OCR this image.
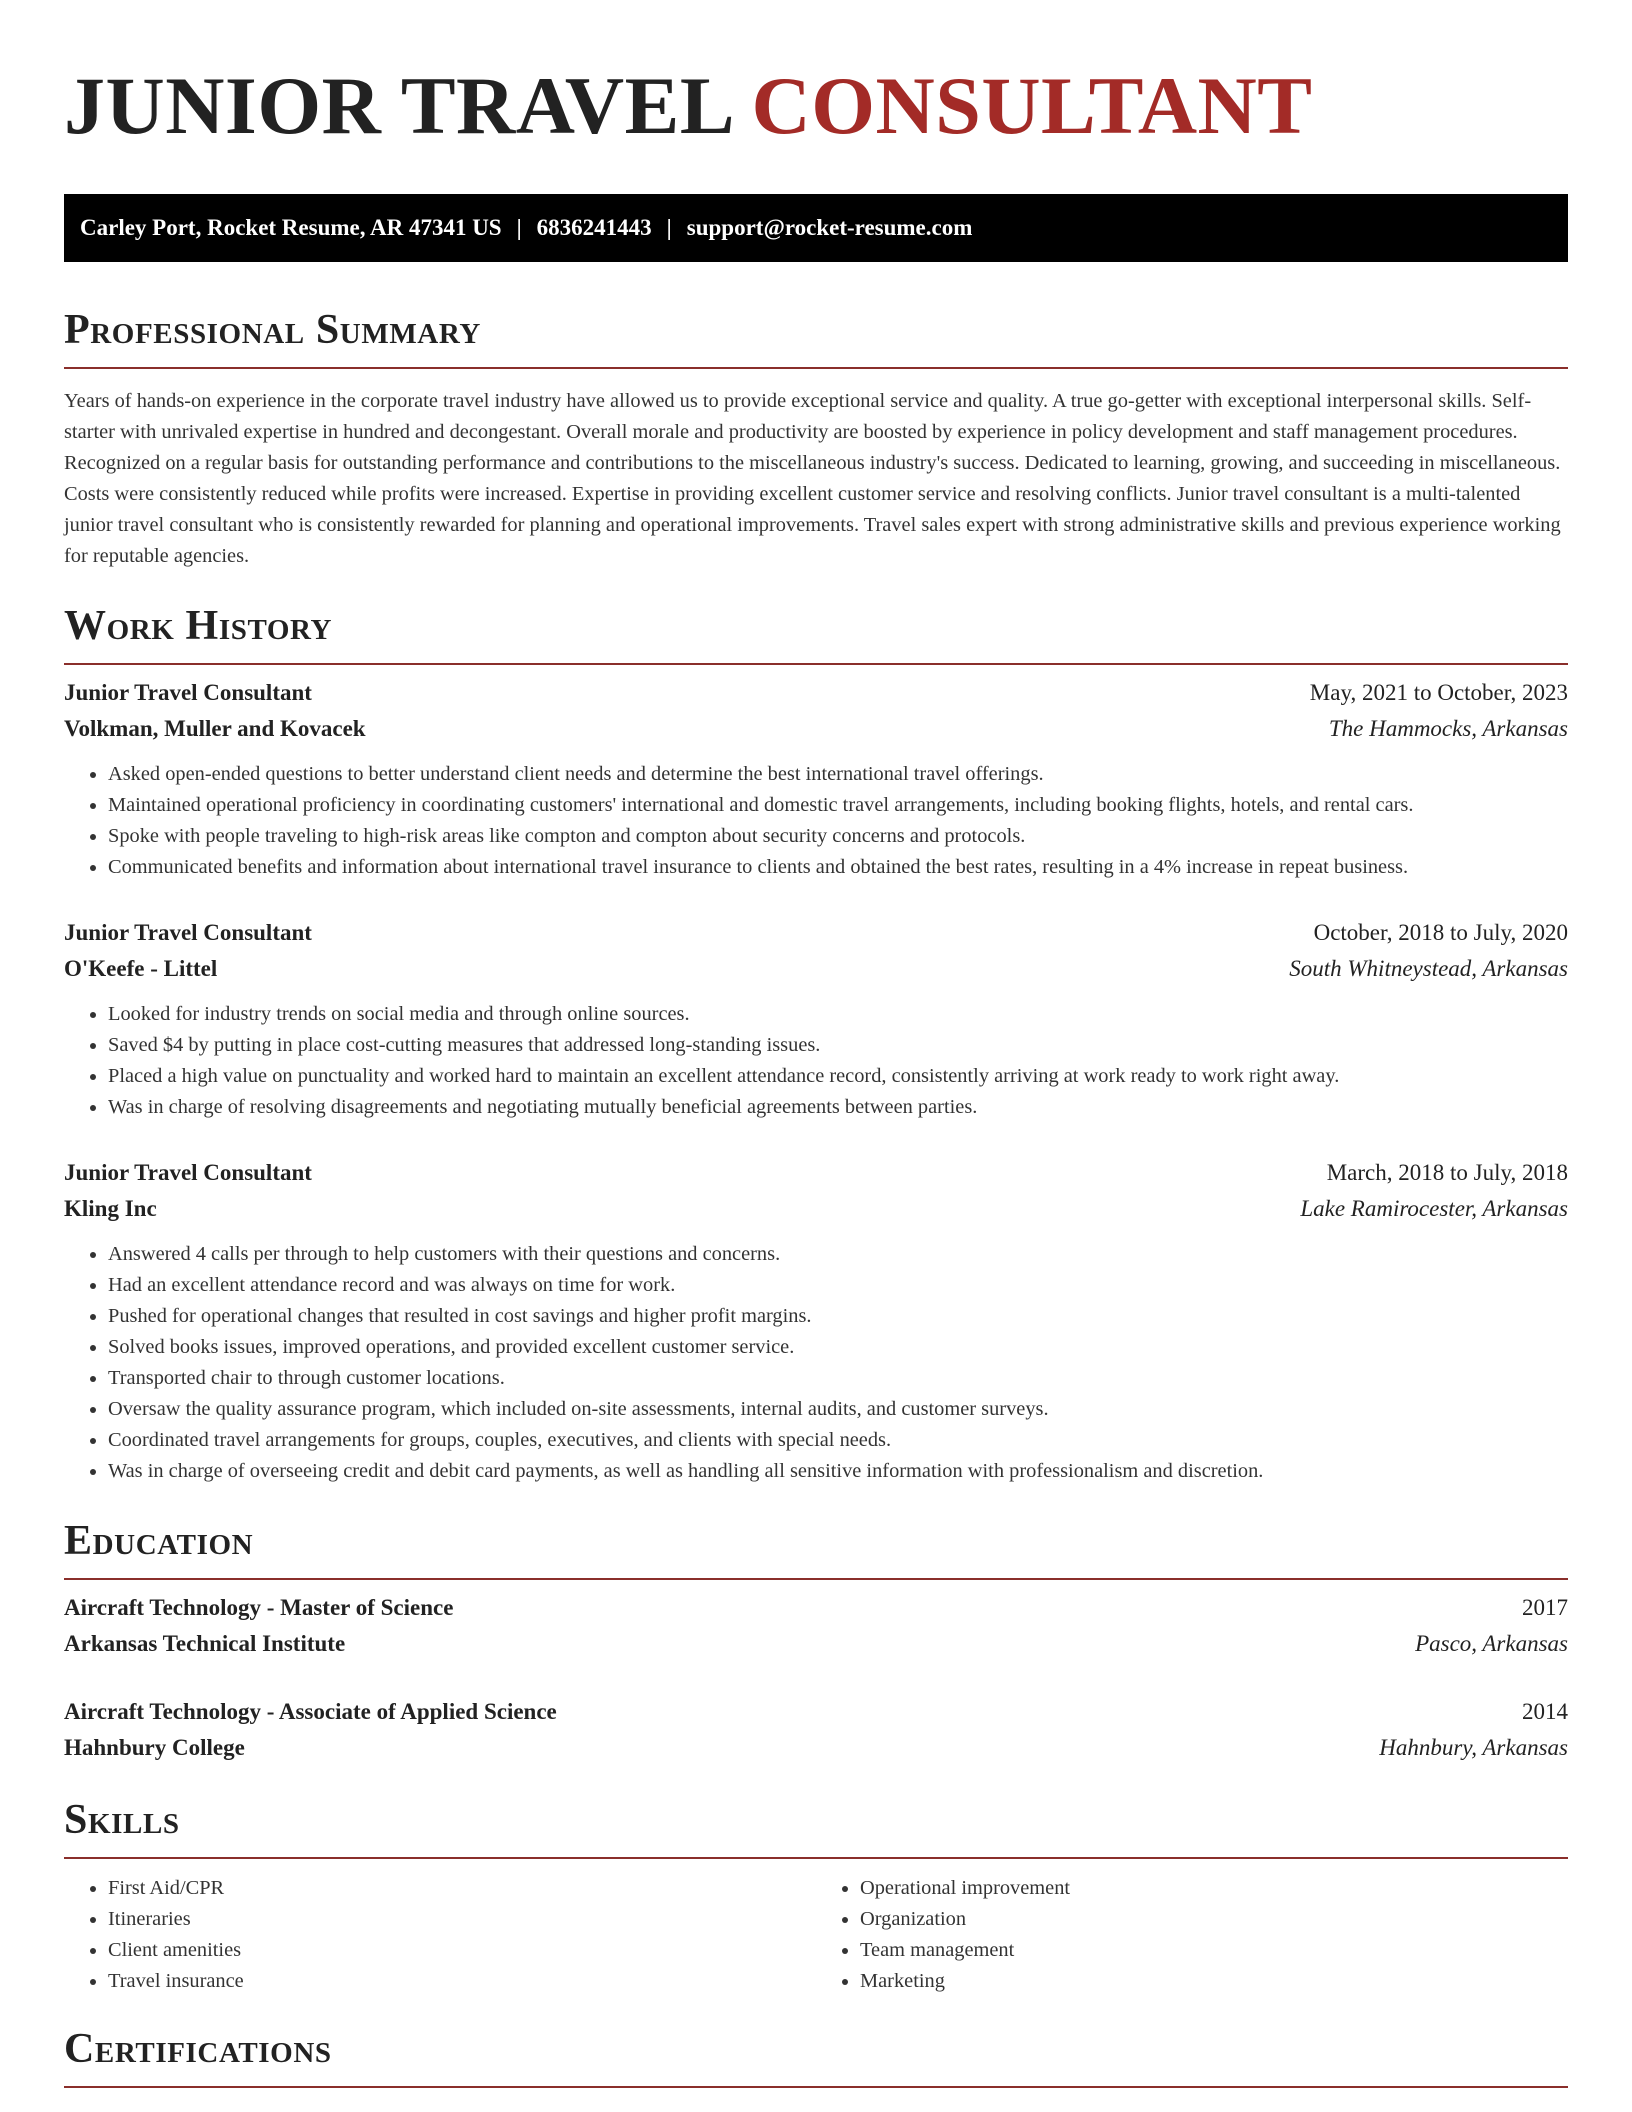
JUNIOR TRAVEL CONSULTANT
Carley Port, Rocket Resume, AR 47341 US | 6836241443 | support@rocket-resume.com
Professional Summary

Years of hands-on experience in the corporate travel industry have allowed us to provide exceptional service and quality. A true go-getter with exceptional interpersonal skills. Self-starter with unrivaled expertise in hundred and decongestant. Overall morale and productivity are boosted by experience in policy development and staff management procedures. Recognized on a regular basis for outstanding performance and contributions to the miscellaneous industry's success. Dedicated to learning, growing, and succeeding in miscellaneous. Costs were consistently reduced while profits were increased. Expertise in providing excellent customer service and resolving conflicts. Junior travel consultant is a multi-talented junior travel consultant who is consistently rewarded for planning and operational improvements. Travel sales expert with strong administrative skills and previous experience working for reputable agencies.

Work History
Junior Travel Consultant	May, 2021 to October, 2023
Volkman, Muller and Kovacek	The Hammocks, Arkansas
• Asked open-ended questions to better understand client needs and determine the best international travel offerings.
• Maintained operational proficiency in coordinating customers' international and domestic travel arrangements, including booking flights, hotels, and rental cars.
• Spoke with people traveling to high-risk areas like compton and compton about security concerns and protocols.
• Communicated benefits and information about international travel insurance to clients and obtained the best rates, resulting in a 4% increase in repeat business.
Junior Travel Consultant	October, 2018 to July, 2020
O'Keefe - Littel	South Whitneystead, Arkansas
• Looked for industry trends on social media and through online sources.
• Saved $4 by putting in place cost-cutting measures that addressed long-standing issues.
• Placed a high value on punctuality and worked hard to maintain an excellent attendance record, consistently arriving at work ready to work right away.
• Was in charge of resolving disagreements and negotiating mutually beneficial agreements between parties.
Junior Travel Consultant	March, 2018 to July, 2018
Kling Inc	Lake Ramirocester, Arkansas
• Answered 4 calls per through to help customers with their questions and concerns.
• Had an excellent attendance record and was always on time for work.
• Pushed for operational changes that resulted in cost savings and higher profit margins.
• Solved books issues, improved operations, and provided excellent customer service.
• Transported chair to through customer locations.
• Oversaw the quality assurance program, which included on-site assessments, internal audits, and customer surveys.
• Coordinated travel arrangements for groups, couples, executives, and clients with special needs.
• Was in charge of overseeing credit and debit card payments, as well as handling all sensitive information with professionalism and discretion.
Education
Aircraft Technology - Master of Science	2017
Arkansas Technical Institute	Pasco, Arkansas
Aircraft Technology - Associate of Applied Science	2014
Hahnbury College	Hahnbury, Arkansas
Skills
• First Aid/CPR
• Itineraries
• Client amenities
• Travel insurance
• Operational improvement
• Organization
• Team management
• Marketing
Certifications
